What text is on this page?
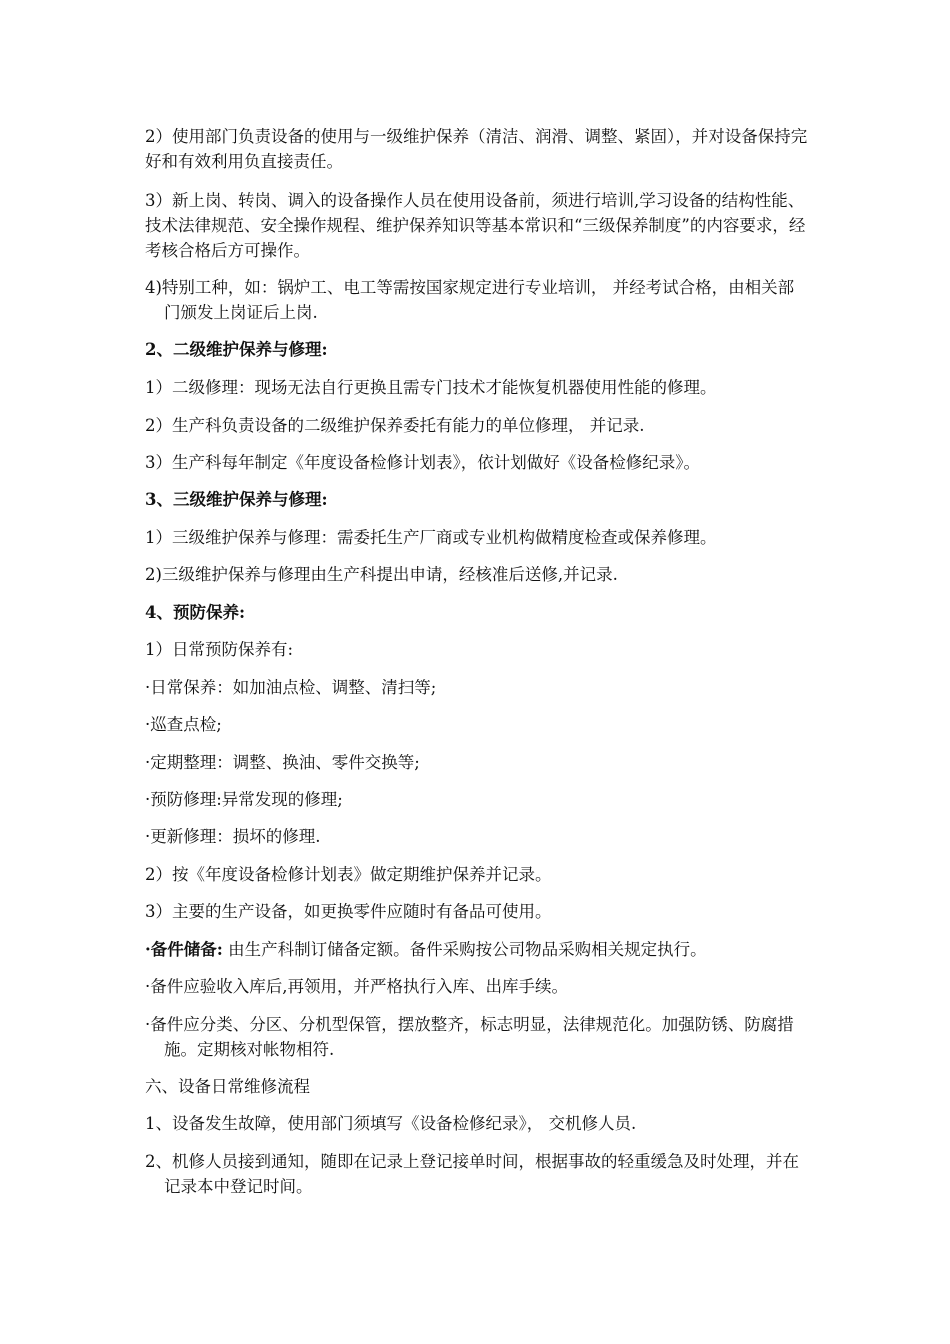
2）使用部门负责设备的使用与一级维护保养（清洁、润滑、调整、紧固），并对设备保持完好和有效利用负直接责任。
3）新上岗、转岗、调入的设备操作人员在使用设备前，须进行培训,学习设备的结构性能、技术法律规范、安全操作规程、维护保养知识等基本常识和“三级保养制度”的内容要求，经考核合格后方可操作。
4)特别工种，如：锅炉工、电工等需按国家规定进行专业培训， 并经考试合格，由相关部门颁发上岗证后上岗.
2、二级维护保养与修理:
1）二级修理：现场无法自行更换且需专门技术才能恢复机器使用性能的修理。
2）生产科负责设备的二级维护保养委托有能力的单位修理， 并记录.
3）生产科每年制定《年度设备检修计划表》，依计划做好《设备检修纪录》。
3、三级维护保养与修理:
1）三级维护保养与修理：需委托生产厂商或专业机构做精度检查或保养修理。
2)三级维护保养与修理由生产科提出申请，经核准后送修,并记录.
4、预防保养:
1）日常预防保养有:
·日常保养：如加油点检、调整、清扫等;
·巡查点检;
·定期整理：调整、换油、零件交换等;
·预防修理:异常发现的修理;
·更新修理：损坏的修理.
2）按《年度设备检修计划表》做定期维护保养并记录。
3）主要的生产设备，如更换零件应随时有备品可使用。
·备件储备: 由生产科制订储备定额。备件采购按公司物品采购相关规定执行。
·备件应验收入库后,再领用，并严格执行入库、出库手续。
·备件应分类、分区、分机型保管，摆放整齐，标志明显，法律规范化。加强防锈、防腐措施。定期核对帐物相符.
六、设备日常维修流程
1、设备发生故障，使用部门须填写《设备检修纪录》， 交机修人员.
2、机修人员接到通知，随即在记录上登记接单时间，根据事故的轻重缓急及时处理，并在记录本中登记时间。
